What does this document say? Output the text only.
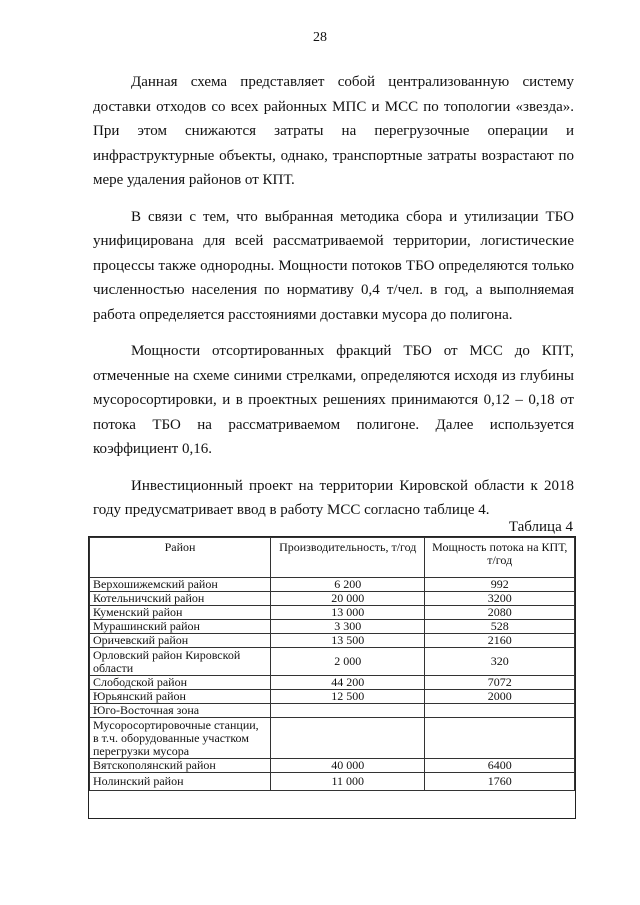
28

Данная схема представляет собой централизованную систему доставки отходов со всех районных МПС и МСС по топологии «звезда». При этом снижаются затраты на перегрузочные операции и инфраструктурные объекты, однако, транспортные затраты возрастают по мере удаления районов от КПТ.

В связи с тем, что выбранная методика сбора и утилизации ТБО унифицирована для всей рассматриваемой территории, логистические процессы также однородны. Мощности потоков ТБО определяются только численностью населения по нормативу 0,4 т/чел. в год, а выполняемая работа определяется расстояниями доставки мусора до полигона.

Мощности отсортированных фракций ТБО от МСС до КПТ, отмеченные на схеме синими стрелками, определяются исходя из глубины мусоросортировки, и в проектных решениях принимаются 0,12 – 0,18 от потока ТБО на рассматриваемом полигоне. Далее используется коэффициент 0,16.

Инвестиционный проект на территории Кировской области к 2018 году предусматривает ввод в работу МСС согласно таблице 4.

Таблица 4
Район	Производительность, т/год	Мощность потока на КПТ, т/год
Верхошижемский район	6 200	992
Котельничский район	20 000	3200
Куменский район	13 000	2080
Мурашинский район	3 300	528
Оричевский район	13 500	2160
Орловский район Кировской области	2 000	320
Слободской район	44 200	7072
Юрьянский район	12 500	2000
Юго-Восточная зона		
Мусоросортировочные станции, в т.ч. оборудованные участком перегрузки мусора		
Вятскополянский район	40 000	6400
Нолинский район	11 000	1760
